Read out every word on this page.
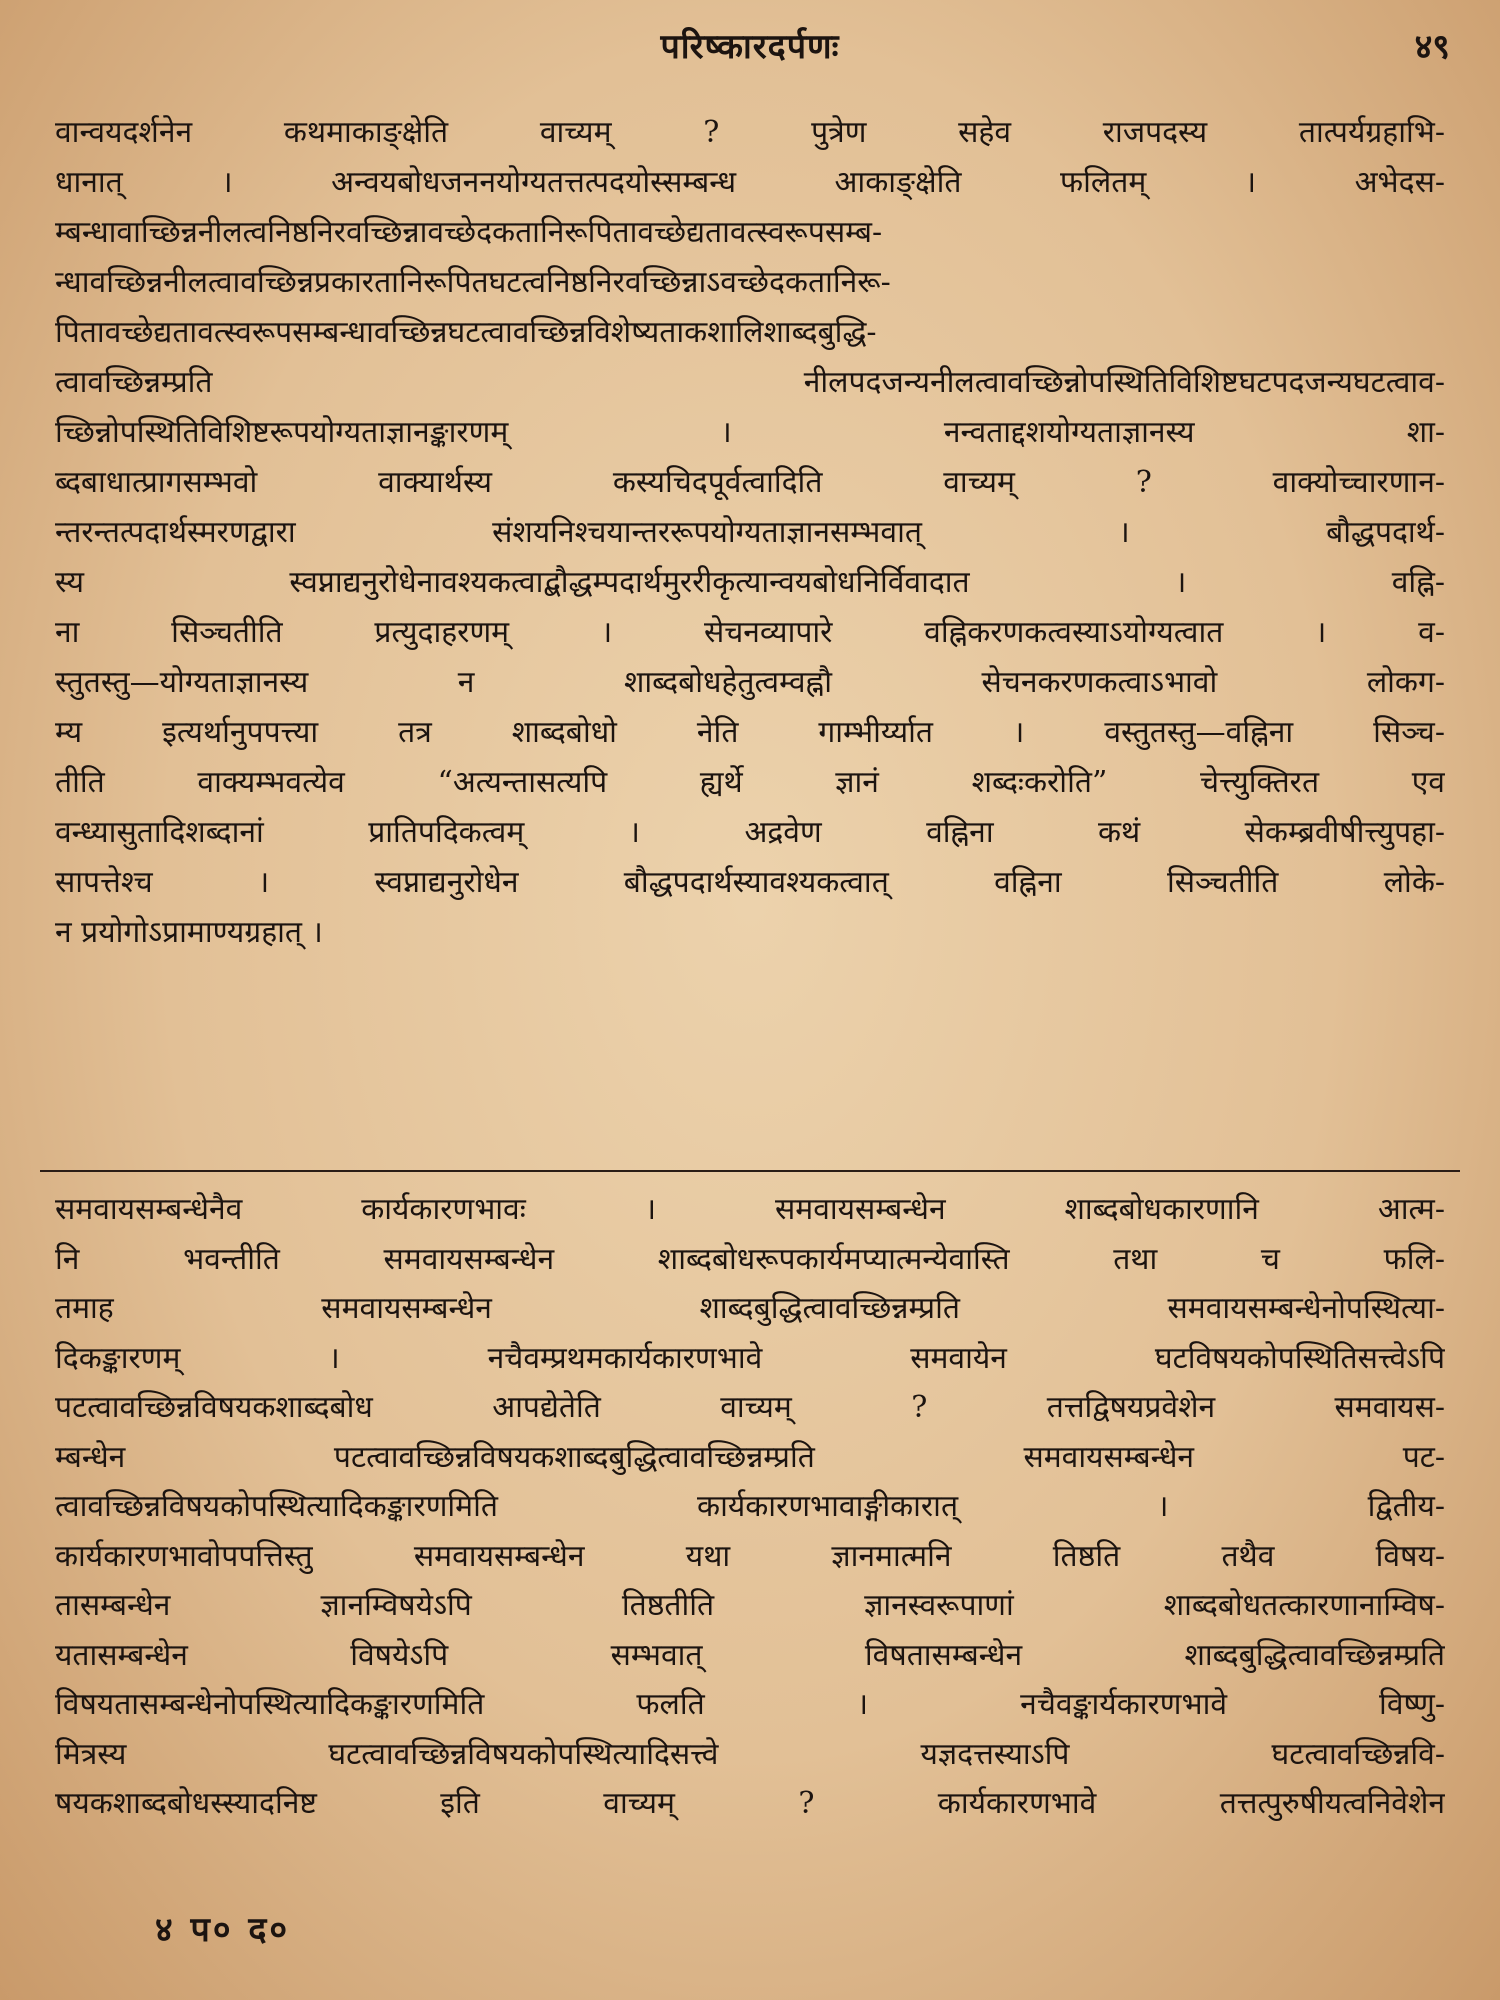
परिष्कारदर्पणः	४९
वान्वयदर्शनेन कथमाकाङ्क्षेति वाच्यम् ? पुत्रेण सहेव राजपदस्य तात्पर्यग्रहाभि-
धानात् । अन्वयबोधजननयोग्यतत्तत्पदयोस्सम्बन्ध आकाङ्क्षेति फलितम् । अभेदस-
म्बन्धावाच्छिन्ननीलत्वनिष्ठनिरवच्छिन्नावच्छेदकतानिरूपितावच्छेद्यतावत्स्वरूपसम्ब-
न्धावच्छिन्ननीलत्वावच्छिन्नप्रकारतानिरूपितघटत्वनिष्ठनिरवच्छिन्नाऽवच्छेदकतानिरू-
पितावच्छेद्यतावत्स्वरूपसम्बन्धावच्छिन्नघटत्वावच्छिन्नविशेष्यताकशालिशाब्दबुद्धि-
त्वावच्छिन्नम्प्रति नीलपदजन्यनीलत्वावच्छिन्नोपस्थितिविशिष्टघटपदजन्यघटत्वाव-
च्छिन्नोपस्थितिविशिष्टरूपयोग्यताज्ञानङ्कारणम् । नन्वताद्दशयोग्यताज्ञानस्य शा-
ब्दबाधात्प्रागसम्भवो वाक्यार्थस्य कस्यचिदपूर्वत्वादिति वाच्यम् ? वाक्योच्चारणान-
न्तरन्तत्पदार्थस्मरणद्वारा संशयनिश्चयान्तररूपयोग्यताज्ञानसम्भवात् । बौद्धपदार्थ-
स्य स्वप्नाद्यनुरोधेनावश्यकत्वाद्बौद्धम्पदार्थमुररीकृत्यान्वयबोधनिर्विवादात । वह्नि-
ना सिञ्चतीति प्रत्युदाहरणम् । सेचनव्यापारे वह्निकरणकत्वस्याऽयोग्यत्वात । व-
स्तुतस्तु—योग्यताज्ञानस्य न शाब्दबोधहेतुत्वम्वह्नौ सेचनकरणकत्वाऽभावो लोकग-
म्य इत्यर्थानुपपत्त्या तत्र शाब्दबोधो नेति गाम्भीर्य्यात । वस्तुतस्तु—वह्निना सिञ्च-
तीति वाक्यम्भवत्येव “अत्यन्तासत्यपि ह्यर्थे ज्ञानं शब्दःकरोति” चेत्त्युक्तिरत एव
वन्ध्यासुतादिशब्दानां प्रातिपदिकत्वम् । अद्रवेण वह्निना कथं सेकम्ब्रवीषीत्त्युपहा-
सापत्तेश्च । स्वप्नाद्यनुरोधेन बौद्धपदार्थस्यावश्यकत्वात् वह्निना सिञ्चतीति लोके-
न प्रयोगोऽप्रामाण्यग्रहात् ।
समवायसम्बन्धेनैव कार्यकारणभावः । समवायसम्बन्धेन शाब्दबोधकारणानि आत्म-
नि भवन्तीति समवायसम्बन्धेन शाब्दबोधरूपकार्यमप्यात्मन्येवास्ति तथा च फलि-
तमाह समवायसम्बन्धेन शाब्दबुद्धित्वावच्छिन्नम्प्रति समवायसम्बन्धेनोपस्थित्या-
दिकङ्कारणम् । नचैवम्प्रथमकार्यकारणभावे समवायेन घटविषयकोपस्थितिसत्त्वेऽपि
पटत्वावच्छिन्नविषयकशाब्दबोध आपद्येतेति वाच्यम् ? तत्तद्विषयप्रवेशेन समवायस-
म्बन्धेन पटत्वावच्छिन्नविषयकशाब्दबुद्धित्वावच्छिन्नम्प्रति समवायसम्बन्धेन पट-
त्वावच्छिन्नविषयकोपस्थित्यादिकङ्कारणमिति कार्यकारणभावाङ्गीकारात् । द्वितीय-
कार्यकारणभावोपपत्तिस्तु समवायसम्बन्धेन यथा ज्ञानमात्मनि तिष्ठति तथैव विषय-
तासम्बन्धेन ज्ञानम्विषयेऽपि तिष्ठतीति ज्ञानस्वरूपाणां शाब्दबोधतत्कारणानाम्विष-
यतासम्बन्धेन विषयेऽपि सम्भवात् विषतासम्बन्धेन शाब्दबुद्धित्वावच्छिन्नम्प्रति
विषयतासम्बन्धेनोपस्थित्यादिकङ्कारणमिति फलति । नचैवङ्कार्यकारणभावे विष्णु-
मित्रस्य घटत्वावच्छिन्नविषयकोपस्थित्यादिसत्त्वे यज्ञदत्तस्याऽपि घटत्वावच्छिन्नवि-
षयकशाब्दबोधस्स्यादनिष्ट इति वाच्यम् ? कार्यकारणभावे तत्तत्पुरुषीयत्वनिवेशेन
४ प० द०
